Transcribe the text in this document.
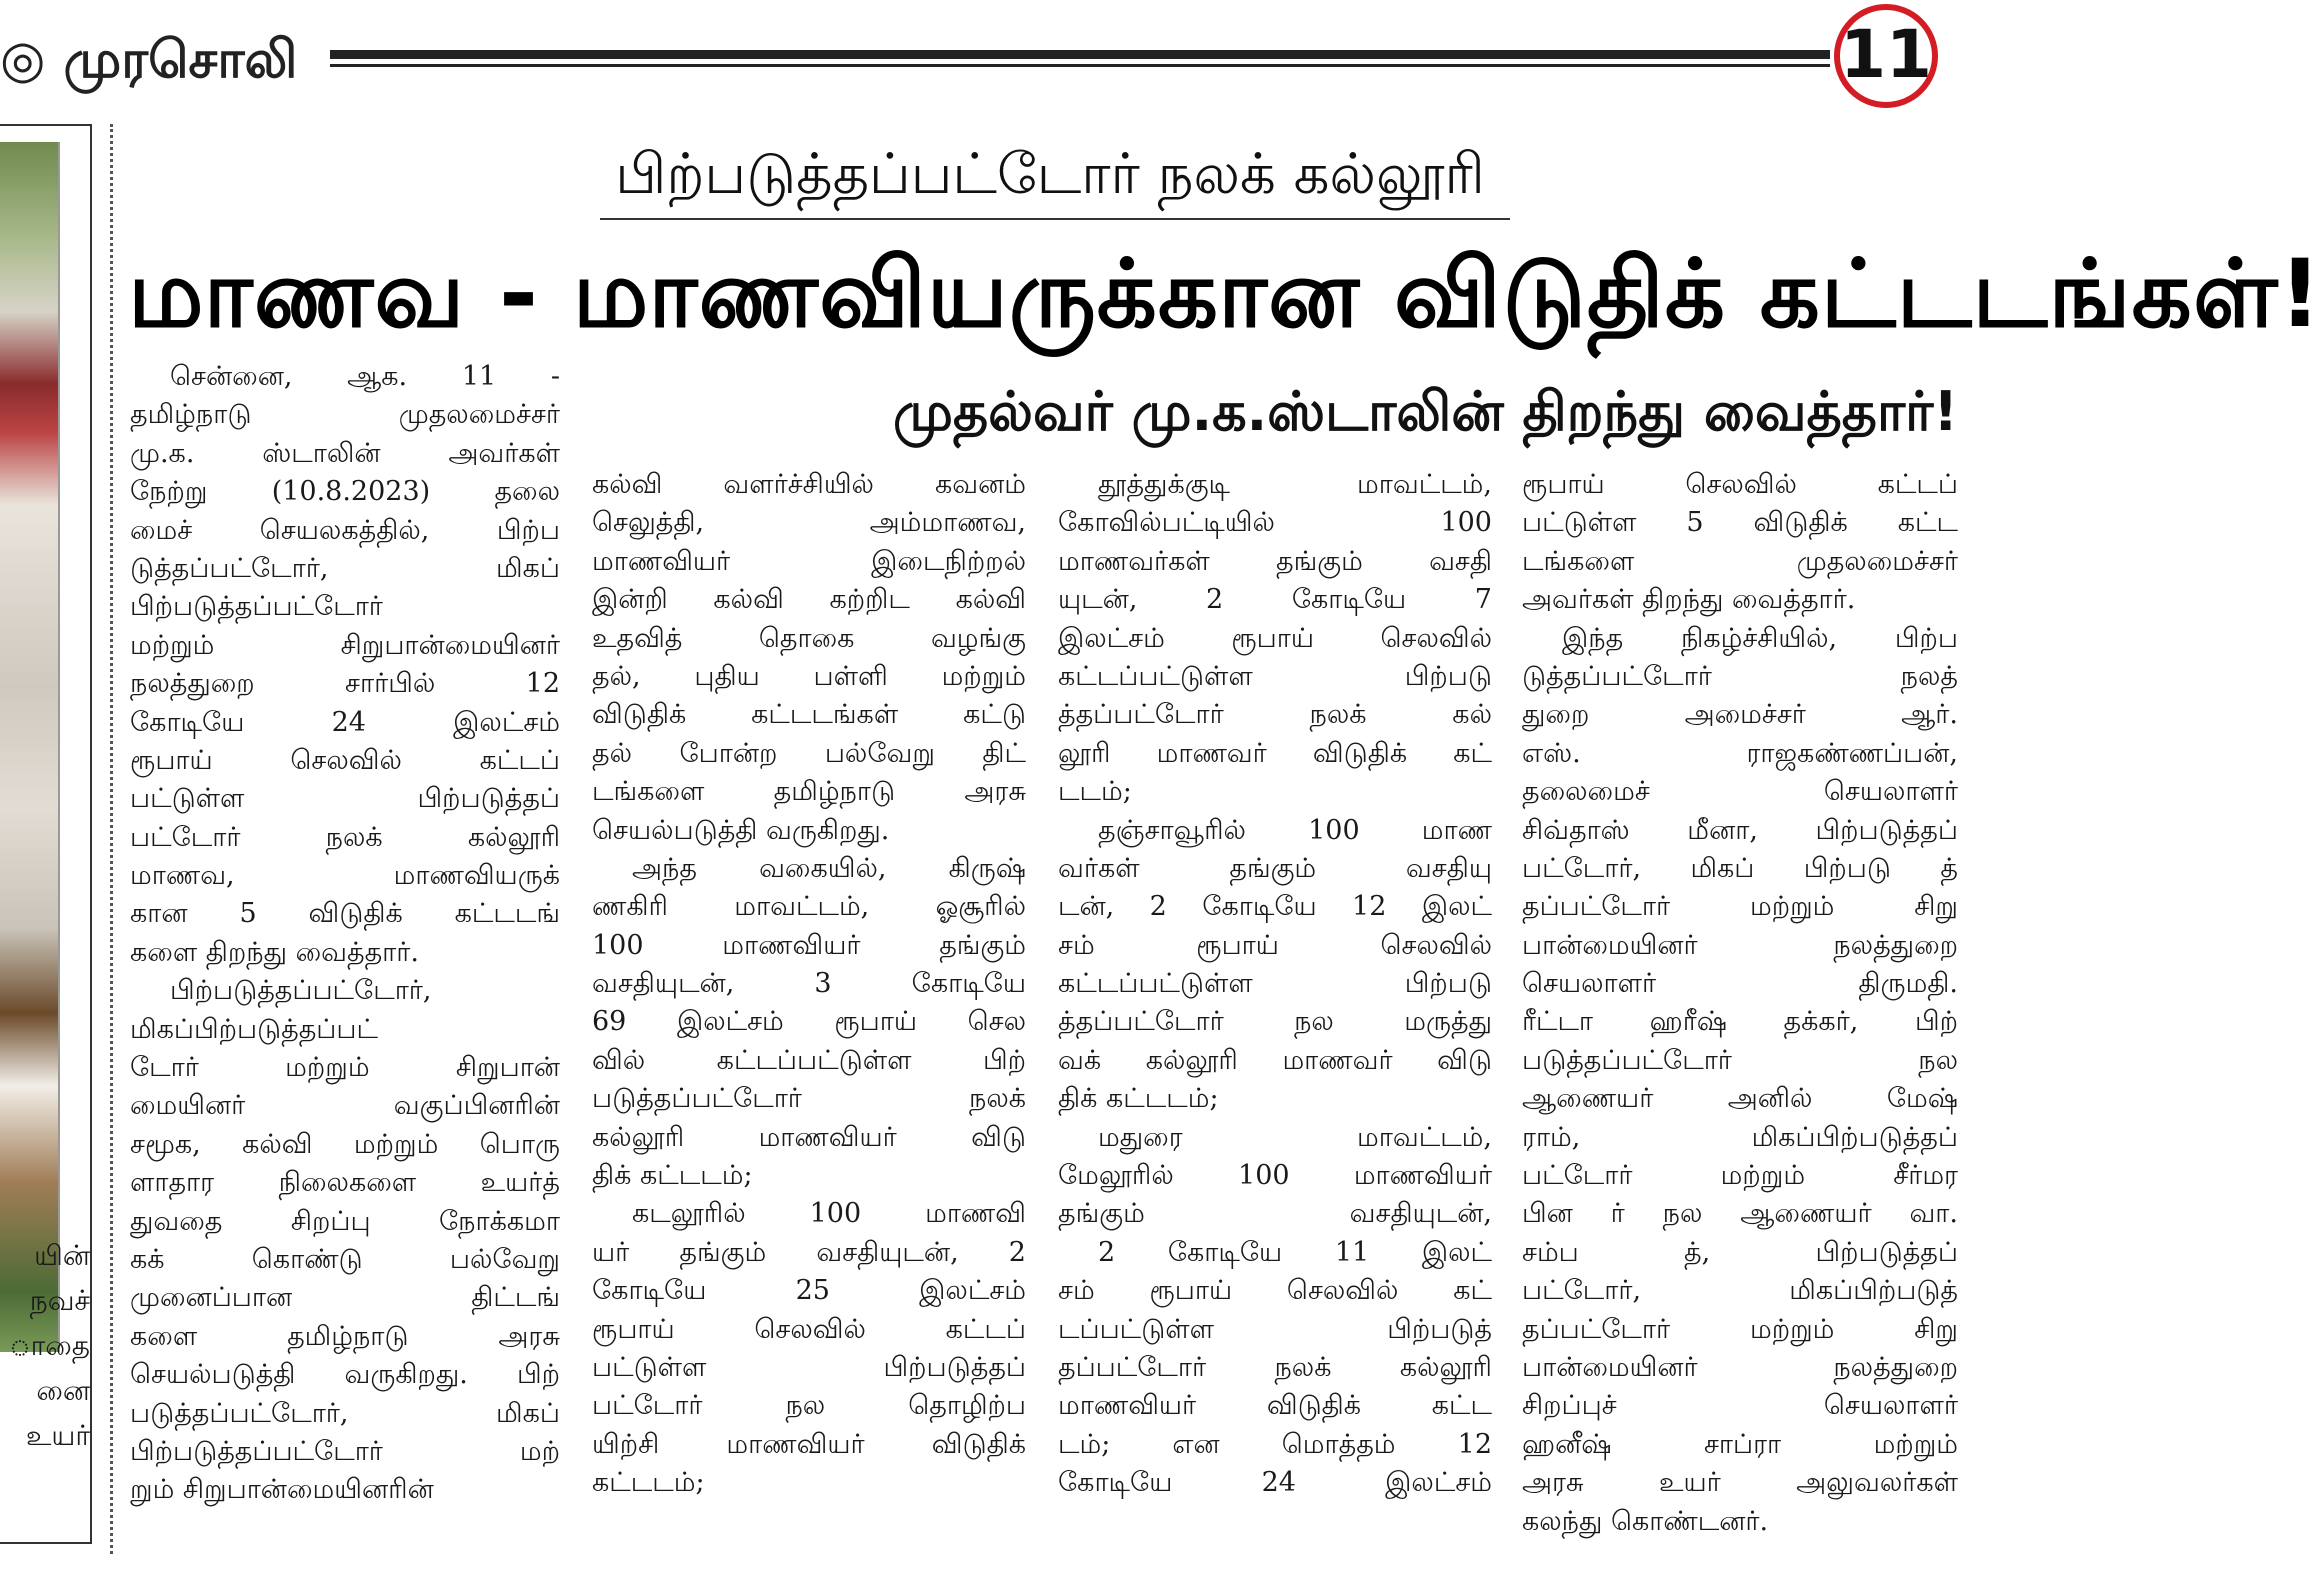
◎ முரசொலி	11
யின்
நவச்
ாதை
னை
உயர்
பிற்படுத்தப்பட்டோர் நலக் கல்லூரி
மாணவ - மாணவியருக்கான விடுதிக் கட்டடங்கள்!
முதல்வர் மு.க.ஸ்டாலின் திறந்து வைத்தார்!
சென்னை, ஆக. 11 -
தமிழ்நாடு முதலமைச்சர்
மு.க. ஸ்டாலின் அவர்கள்
நேற்று (10.8.2023) தலை
மைச் செயலகத்தில், பிற்ப
டுத்தப்பட்டோர், மிகப்
பிற்படுத்தப்பட்டோர்
மற்றும் சிறுபான்மையினர்
நலத்துறை சார்பில் 12
கோடியே 24 இலட்சம்
ரூபாய் செலவில் கட்டப்
பட்டுள்ள பிற்படுத்தப்
பட்டோர் நலக் கல்லூரி
மாணவ, மாணவியருக்
கான 5 விடுதிக் கட்டடங்
களை திறந்து வைத்தார்.
பிற்படுத்தப்பட்டோர்,
மிகப்பிற்படுத்தப்பட்
டோர் மற்றும் சிறுபான்
மையினர் வகுப்பினரின்
சமூக, கல்வி மற்றும் பொரு
ளாதார நிலைகளை உயர்த்
துவதை சிறப்பு நோக்கமா
கக் கொண்டு பல்வேறு
முனைப்பான திட்டங்
களை தமிழ்நாடு அரசு
செயல்படுத்தி வருகிறது. பிற்
படுத்தப்பட்டோர், மிகப்
பிற்படுத்தப்பட்டோர் மற்
றும் சிறுபான்மையினரின்
கல்வி வளர்ச்சியில் கவனம்
செலுத்தி, அம்மாணவ,
மாணவியர் இடைநிற்றல்
இன்றி கல்வி கற்றிட கல்வி
உதவித் தொகை வழங்கு
தல், புதிய பள்ளி மற்றும்
விடுதிக் கட்டடங்கள் கட்டு
தல் போன்ற பல்வேறு திட்
டங்களை தமிழ்நாடு அரசு
செயல்படுத்தி வருகிறது.
அந்த வகையில், கிருஷ்
ணகிரி மாவட்டம், ஓசூரில்
100 மாணவியர் தங்கும்
வசதியுடன், 3 கோடியே
69 இலட்சம் ரூபாய் செல
வில் கட்டப்பட்டுள்ள பிற்
படுத்தப்பட்டோர் நலக்
கல்லூரி மாணவியர் விடு
திக் கட்டடம்;
கடலூரில் 100 மாணவி
யர் தங்கும் வசதியுடன், 2
கோடியே 25 இலட்சம்
ரூபாய் செலவில் கட்டப்
பட்டுள்ள பிற்படுத்தப்
பட்டோர் நல தொழிற்ப
யிற்சி மாணவியர் விடுதிக்
கட்டடம்;
தூத்துக்குடி மாவட்டம்,
கோவில்பட்டியில் 100
மாணவர்கள் தங்கும் வசதி
யுடன், 2 கோடியே 7
இலட்சம் ரூபாய் செலவில்
கட்டப்பட்டுள்ள பிற்படு
த்தப்பட்டோர் நலக் கல்
லூரி மாணவர் விடுதிக் கட்
டடம்;
தஞ்சாவூரில் 100 மாண
வர்கள் தங்கும் வசதியு
டன், 2 கோடியே 12 இலட்
சம் ரூபாய் செலவில்
கட்டப்பட்டுள்ள பிற்படு
த்தப்பட்டோர் நல மருத்து
வக் கல்லூரி மாணவர் விடு
திக் கட்டடம்;
மதுரை மாவட்டம்,
மேலூரில் 100 மாணவியர்
தங்கும் வசதியுடன்,
2 கோடியே 11 இலட்
சம் ரூபாய் செலவில் கட்
டப்பட்டுள்ள பிற்படுத்
தப்பட்டோர் நலக் கல்லூரி
மாணவியர் விடுதிக் கட்ட
டம்; என மொத்தம் 12
கோடியே 24 இலட்சம்
ரூபாய் செலவில் கட்டப்
பட்டுள்ள 5 விடுதிக் கட்ட
டங்களை முதலமைச்சர்
அவர்கள் திறந்து வைத்தார்.
இந்த நிகழ்ச்சியில், பிற்ப
டுத்தப்பட்டோர் நலத்
துறை அமைச்சர் ஆர்.
எஸ். ராஜகண்ணப்பன்,
தலைமைச் செயலாளர்
சிவ்தாஸ் மீனா, பிற்படுத்தப்
பட்டோர், மிகப் பிற்படு த்
தப்பட்டோர் மற்றும் சிறு
பான்மையினர் நலத்துறை
செயலாளர் திருமதி.
ரீட்டா ஹரீஷ் தக்கர், பிற்
படுத்தப்பட்டோர் நல
ஆணையர் அனில் மேஷ்
ராம், மிகப்பிற்படுத்தப்
பட்டோர் மற்றும் சீர்மர
பின ர் நல ஆணையர் வா.
சம்ப த், பிற்படுத்தப்
பட்டோர், மிகப்பிற்படுத்
தப்பட்டோர் மற்றும் சிறு
பான்மையினர் நலத்துறை
சிறப்புச் செயலாளர்
ஹனீஷ் சாப்ரா மற்றும்
அரசு உயர் அலுவலர்கள்
கலந்து கொண்டனர்.
